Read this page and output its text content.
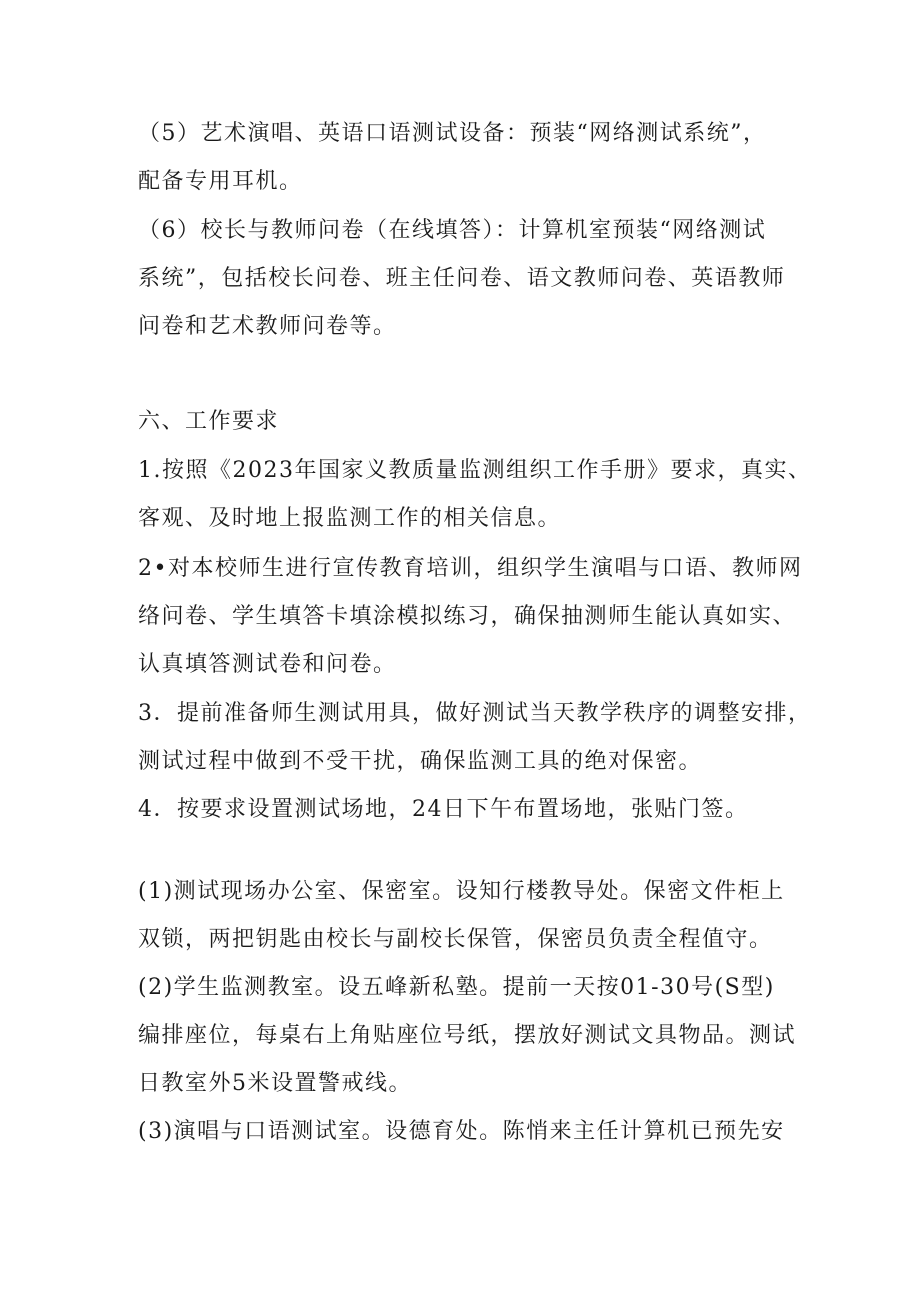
（5）艺术演唱、英语口语测试设备：预装“网络测试系统”，
配备专用耳机。
（6）校长与教师问卷（在线填答）：计算机室预装“网络测试
系统”，包括校长问卷、班主任问卷、语文教师问卷、英语教师
问卷和艺术教师问卷等。
六、工作要求
1.按照《2023年国家义教质量监测组织工作手册》要求，真实、
客观、及时地上报监测工作的相关信息。
2•对本校师生进行宣传教育培训，组织学生演唱与口语、教师网
络问卷、学生填答卡填涂模拟练习，确保抽测师生能认真如实、
认真填答测试卷和问卷。
3．提前准备师生测试用具，做好测试当天教学秩序的调整安排，
测试过程中做到不受干扰，确保监测工具的绝对保密。
4．按要求设置测试场地，24日下午布置场地，张贴门签。
(1)测试现场办公室、保密室。设知行楼教导处。保密文件柜上
双锁，两把钥匙由校长与副校长保管，保密员负责全程值守。
(2)学生监测教室。设五峰新私塾。提前一天按01-30号(S型)
编排座位，每桌右上角贴座位号纸，摆放好测试文具物品。测试
日教室外5米设置警戒线。
(3)演唱与口语测试室。设德育处。陈悄来主任计算机已预先安
